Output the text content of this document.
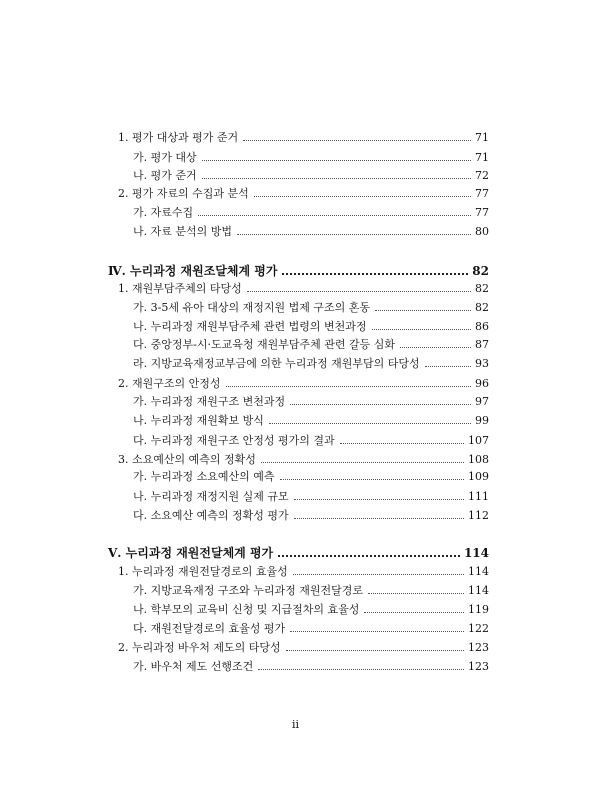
1. 평가 대상과 평가 준거	71
가. 평가 대상	71
나. 평가 준거	72
2. 평가 자료의 수집과 분석	77
가. 자료수집	77
나. 자료 분석의 방법	80
Ⅳ. 누리과정 재원조달체계 평가	82
1. 재원부담주체의 타당성	82
가. 3-5세 유아 대상의 재정지원 법제 구조의 혼동	82
나. 누리과정 재원부담주체 관련 법령의 변천과정	86
다. 중앙정부-시·도교육청 재원부담주체 관련 갈등 심화	87
라. 지방교육재정교부금에 의한 누리과정 재원부담의 타당성	93
2. 재원구조의 안정성	96
가. 누리과정 재원구조 변천과정	97
나. 누리과정 재원확보 방식	99
다. 누리과정 재원구조 안정성 평가의 결과	107
3. 소요예산의 예측의 정확성	108
가. 누리과정 소요예산의 예측	109
나. 누리과정 재정지원 실제 규모	111
다. 소요예산 예측의 정확성 평가	112
Ⅴ. 누리과정 재원전달체계 평가	114
1. 누리과정 재원전달경로의 효율성	114
가. 지방교육재정 구조와 누리과정 재원전달경로	114
나. 학부모의 교육비 신청 및 지급절차의 효율성	119
다. 재원전달경로의 효율성 평가	122
2. 누리과정 바우처 제도의 타당성	123
가. 바우처 제도 선행조건	123
ii
